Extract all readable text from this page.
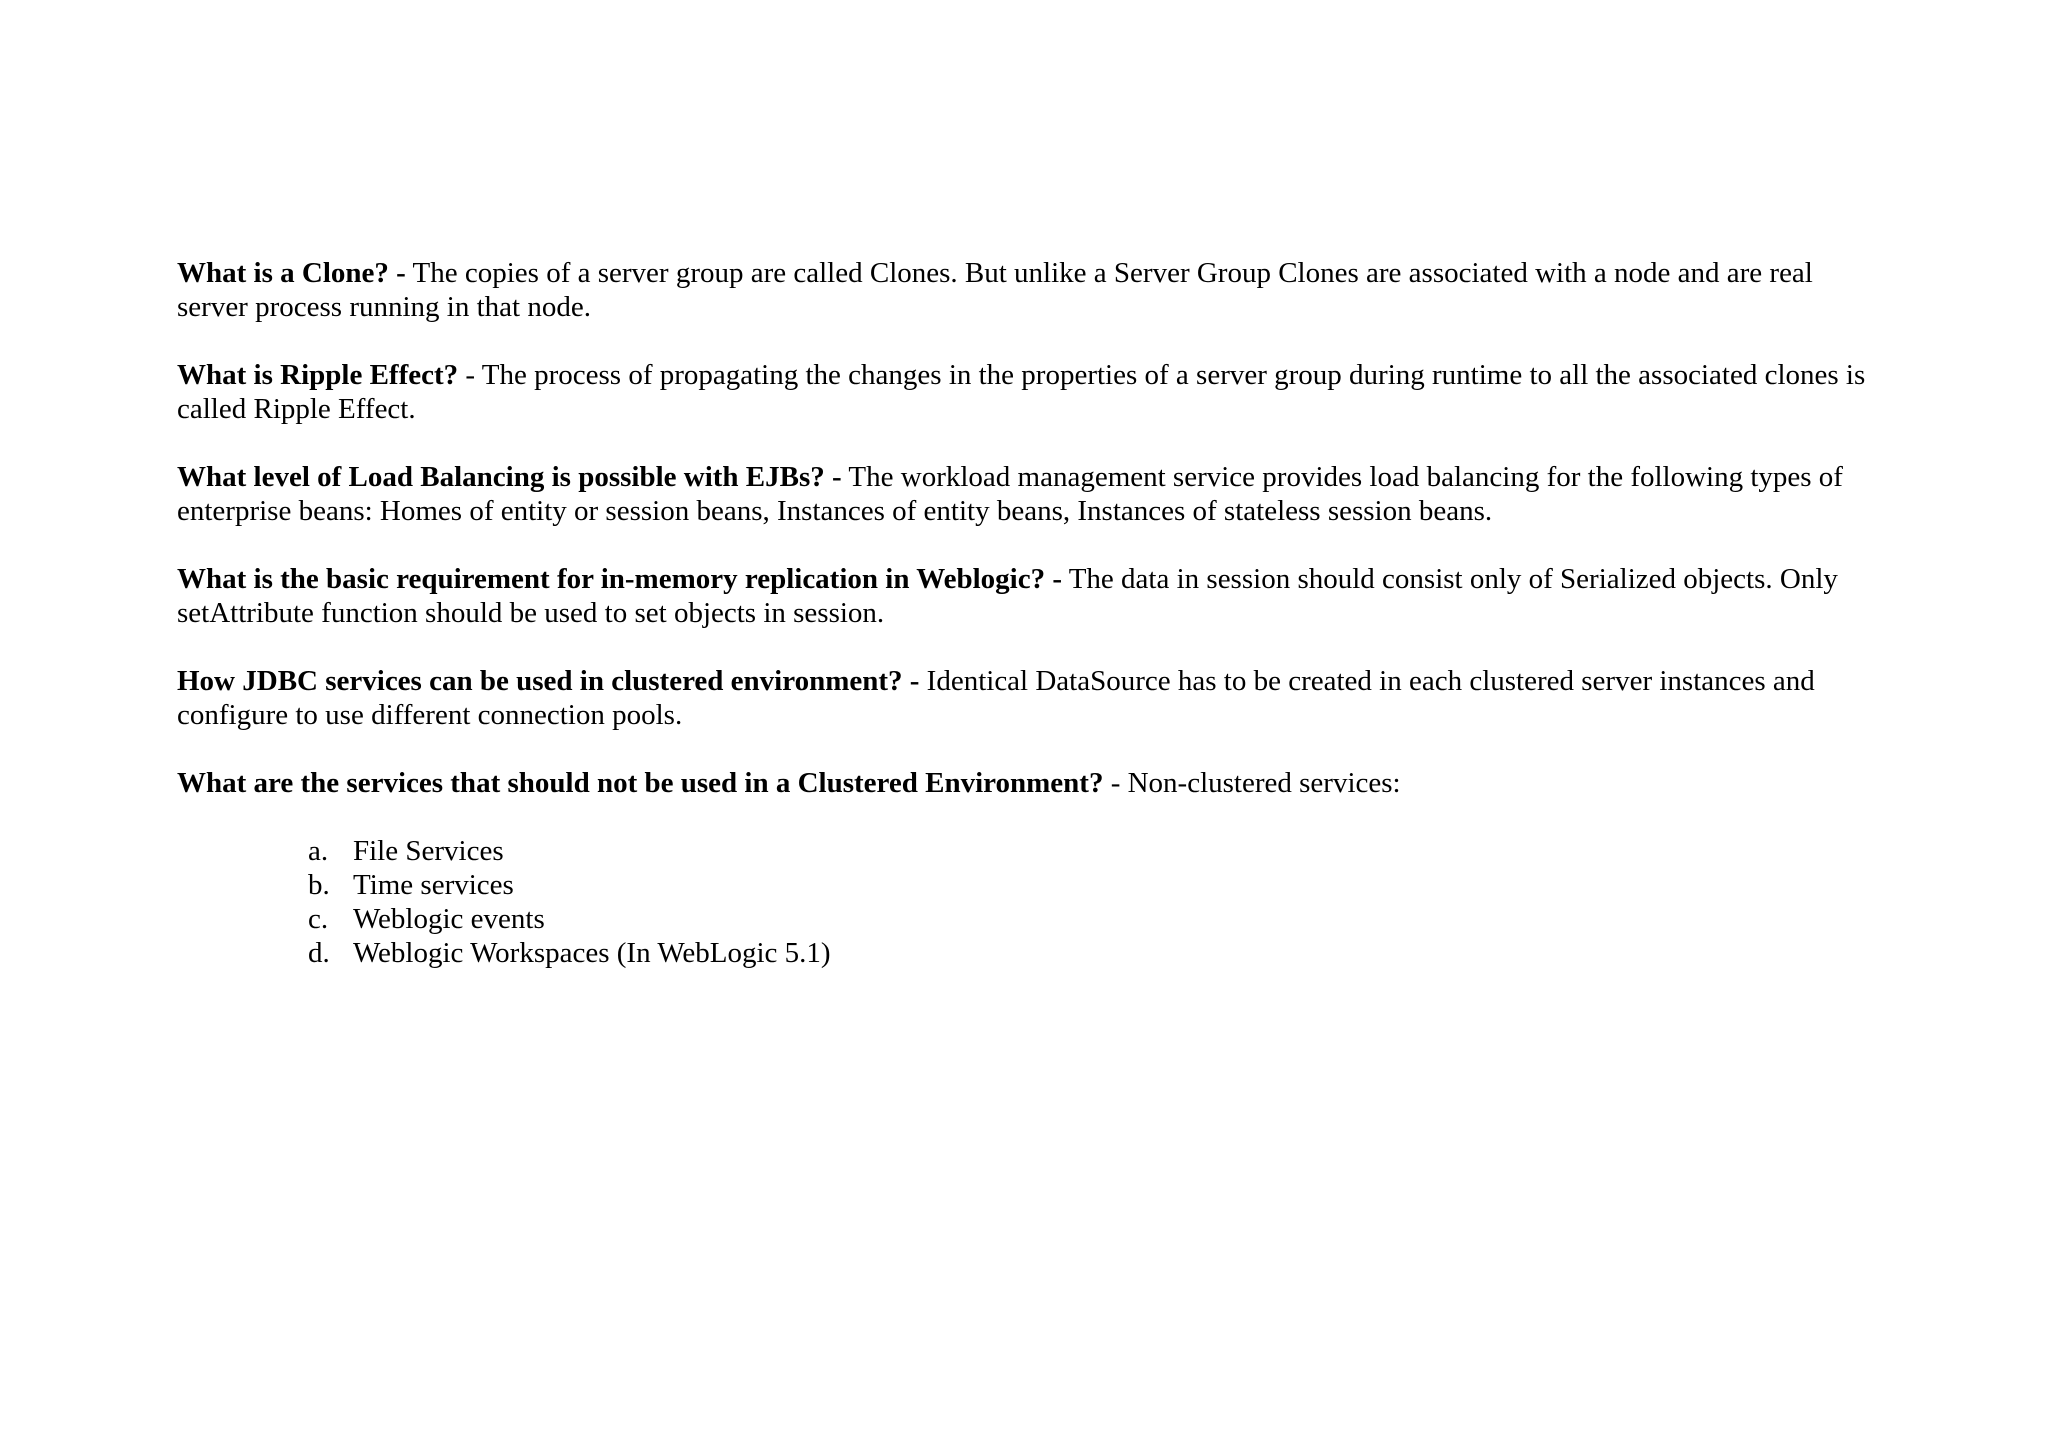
What is a Clone? - The copies of a server group are called Clones. But unlike a Server Group Clones are associated with a node and are real server process running in that node.

What is Ripple Effect? - The process of propagating the changes in the properties of a server group during runtime to all the associated clones is called Ripple Effect.

What level of Load Balancing is possible with EJBs? - The workload management service provides load balancing for the following types of enterprise beans: Homes of entity or session beans, Instances of entity beans, Instances of stateless session beans.

What is the basic requirement for in-memory replication in Weblogic? - The data in session should consist only of Serialized objects. Only setAttribute function should be used to set objects in session.

How JDBC services can be used in clustered environment? - Identical DataSource has to be created in each clustered server instances and configure to use different connection pools.

What are the services that should not be used in a Clustered Environment? - Non-clustered services:

a. File Services
b. Time services
c. Weblogic events
d. Weblogic Workspaces (In WebLogic 5.1)
